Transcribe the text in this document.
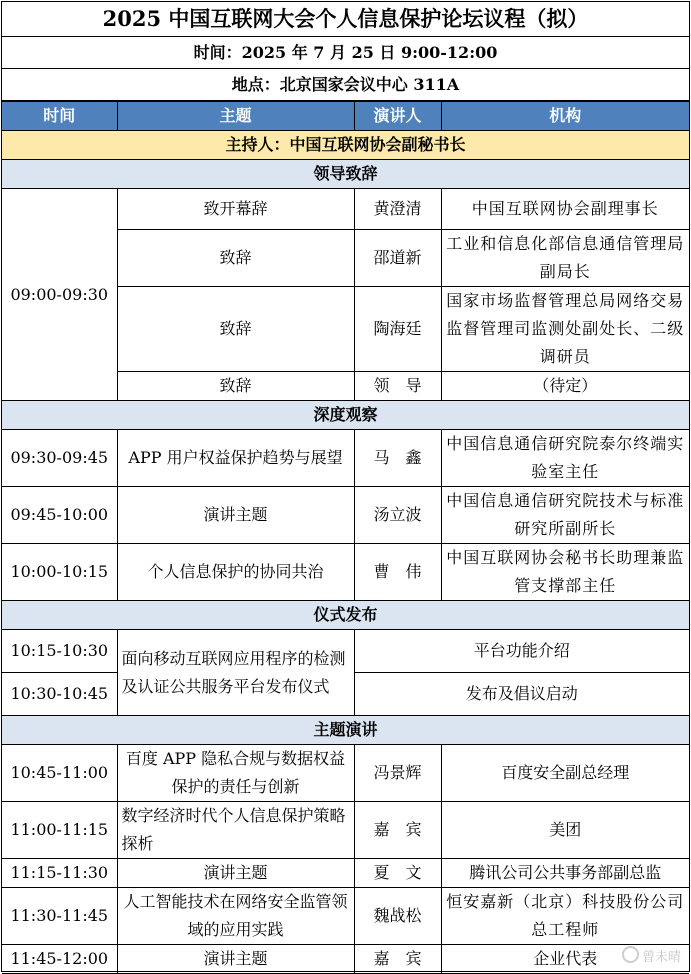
2025 中国互联网大会个人信息保护论坛议程（拟）
时间：2025 年 7 月 25 日 9:00-12:00
地点：北京国家会议中心 311A
时间	主题	演讲人	机构
主持人：中国互联网协会副秘书长			
领导致辞			
09:00-09:30	致开幕辞	黄澄清	中国互联网协会副理事长
	致辞	邵道新	工业和信息化部信息通信管理局副局长
	致辞	陶海廷	国家市场监督管理总局网络交易监督管理司监测处副处长、二级调研员
	致辞	领　导	（待定）
深度观察			
09:30-09:45	APP 用户权益保护趋势与展望	马　鑫	中国信息通信研究院泰尔终端实验室主任
09:45-10:00	演讲主题	汤立波	中国信息通信研究院技术与标准研究所副所长
10:00-10:15	个人信息保护的协同共治	曹　伟	中国互联网协会秘书长助理兼监管支撑部主任
仪式发布			
10:15-10:30	面向移动互联网应用程序的检测及认证公共服务平台发布仪式	平台功能介绍	
10:30-10:45		发布及倡议启动	
主题演讲			
10:45-11:00	百度 APP 隐私合规与数据权益保护的责任与创新	冯景辉	百度安全副总经理
11:00-11:15	数字经济时代个人信息保护策略探析	嘉　宾	美团
11:15-11:30	演讲主题	夏　文	腾讯公司公共事务部副总监
11:30-11:45	人工智能技术在网络安全监管领域的应用实践	魏战松	恒安嘉新（北京）科技股份公司总工程师
11:45-12:00	演讲主题	嘉　宾	企业代表	曾未晴
